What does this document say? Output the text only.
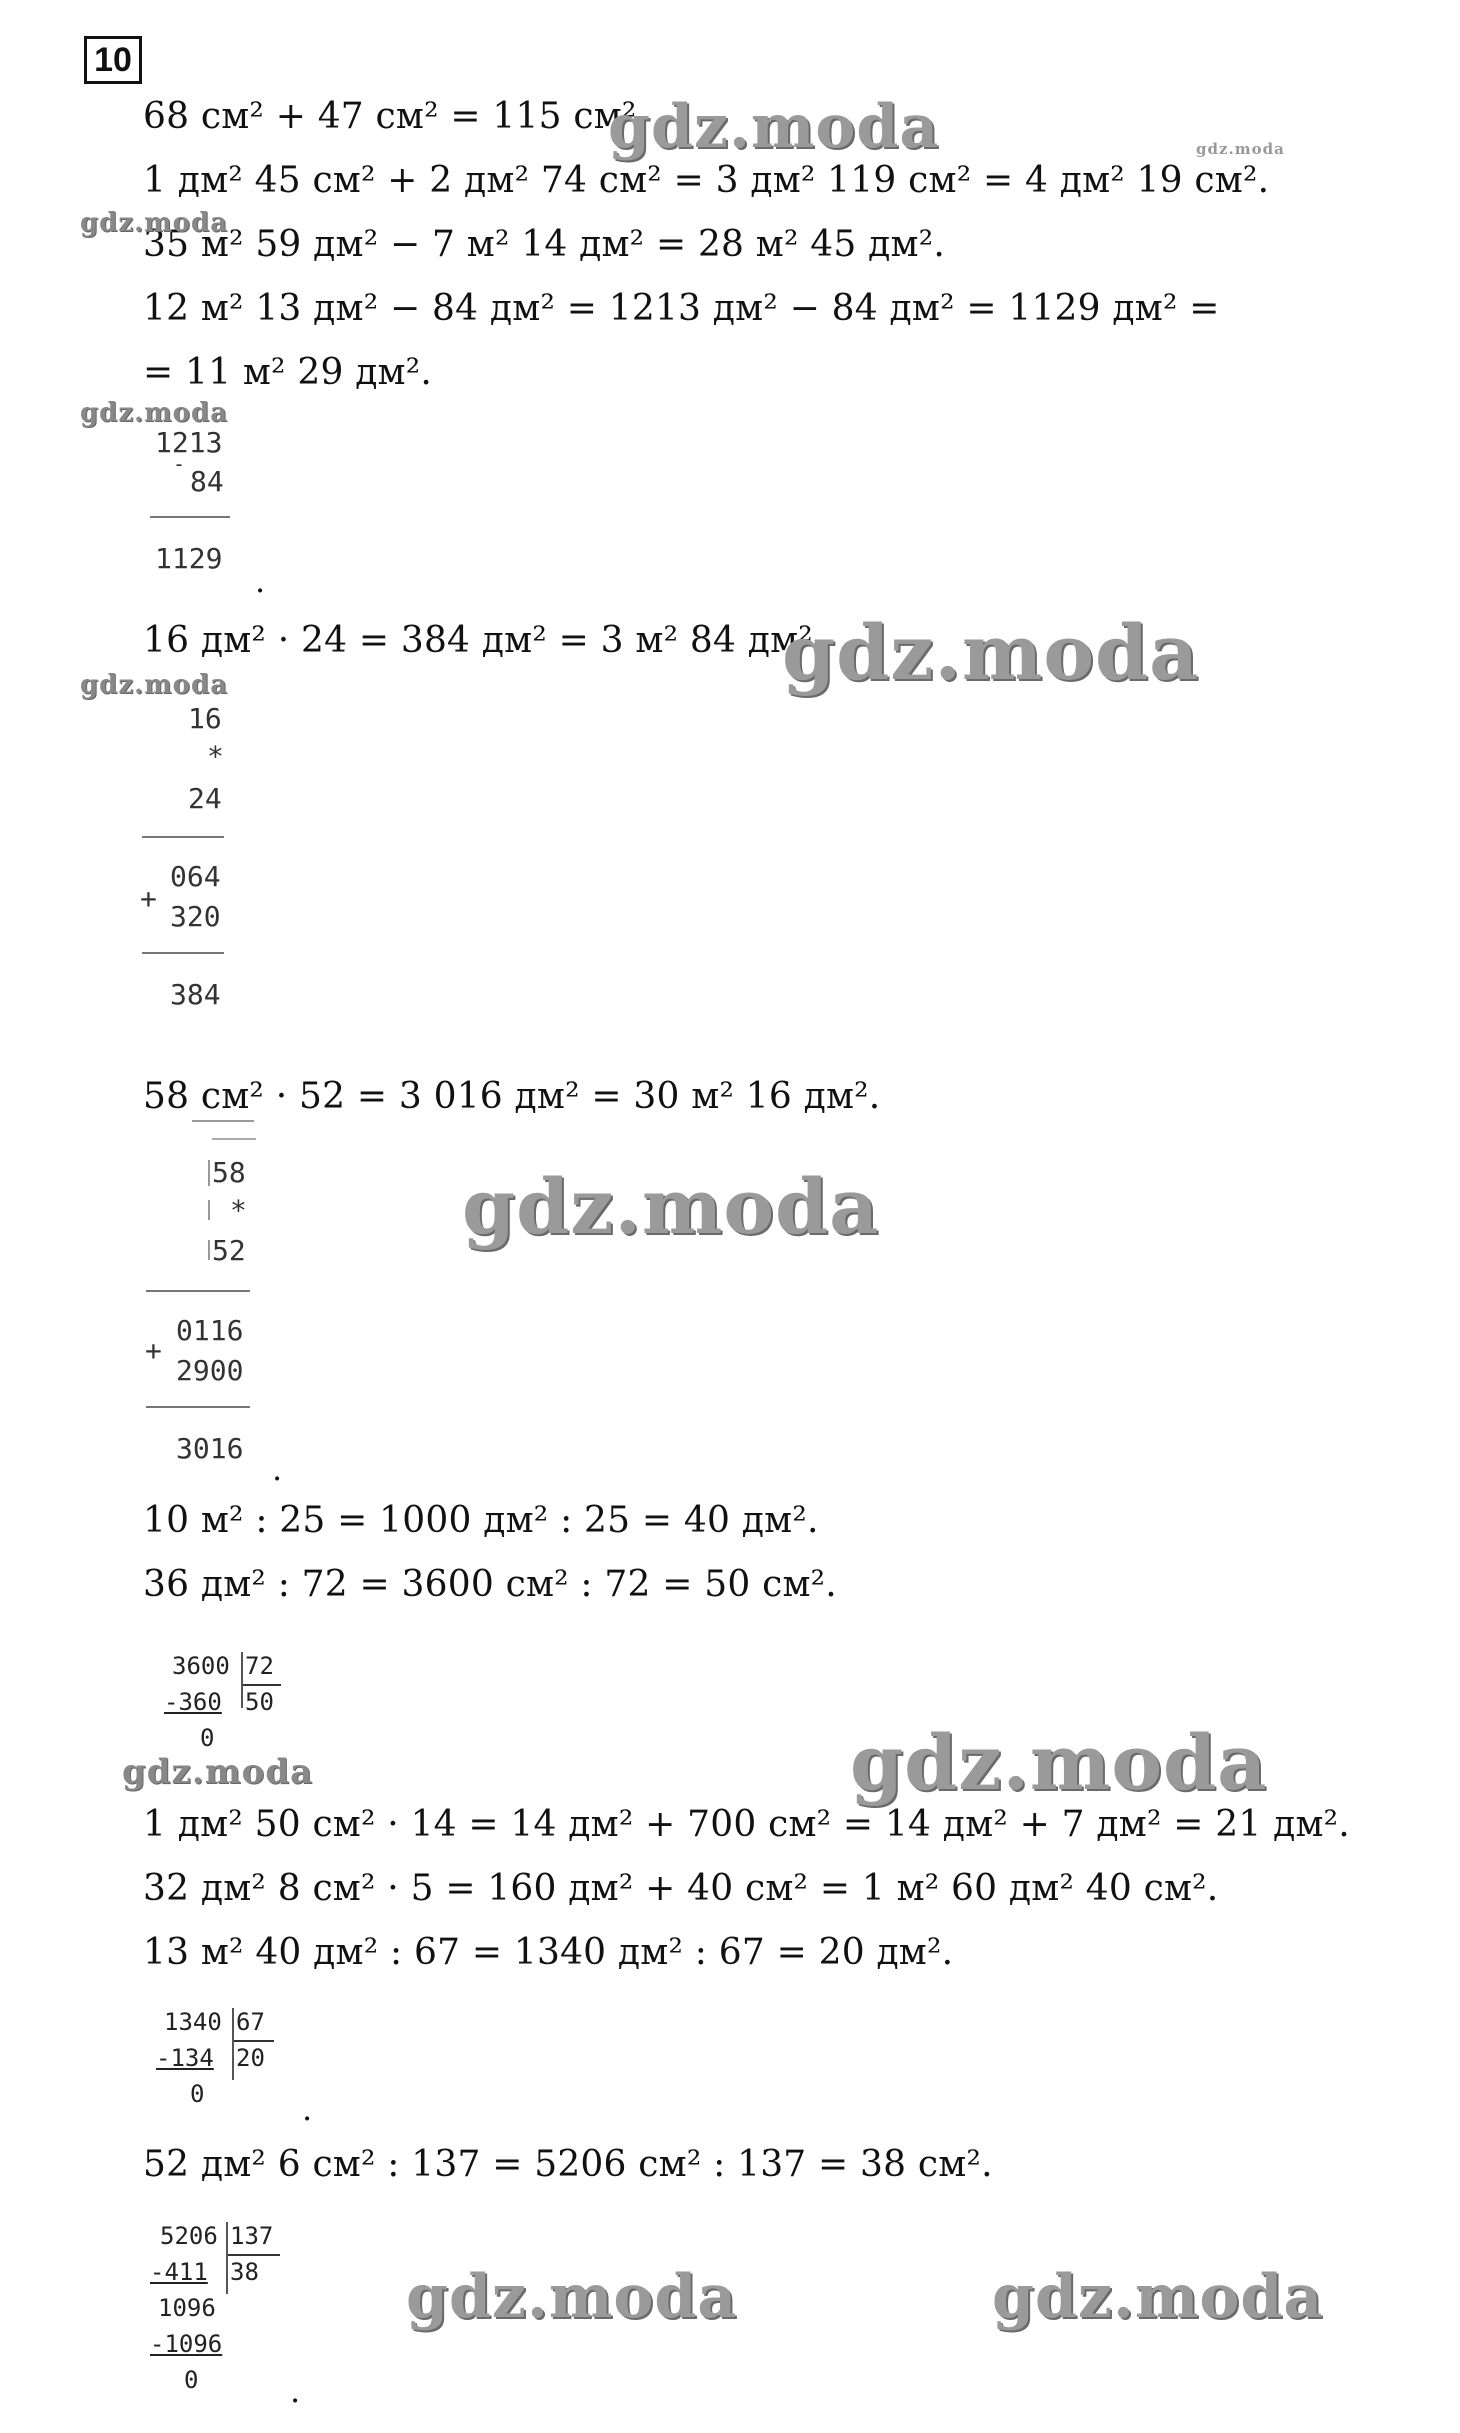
10
68 см² + 47 см² = 115 см².
1 дм² 45 см² + 2 дм² 74 см² = 3 дм² 119 см² = 4 дм² 19 см².
35 м² 59 дм² − 7 м² 14 дм² = 28 м² 45 дм².
12 м² 13 дм² − 84 дм² = 1213 дм² − 84 дм² = 1129 дм² =
= 11 м² 29 дм².
1213
-
84
1129
.
16 дм² · 24 = 384 дм² = 3 м² 84 дм².
16
*
24
064
+
320
384
58 см² · 52 = 3 016 дм² = 30 м² 16 дм².
58
*
52
0116
+
2900
3016
.
10 м² : 25 = 1000 дм² : 25 = 40 дм².
36 дм² : 72 = 3600 см² : 72 = 50 см².
3600 72
-360 50
0
1 дм² 50 см² · 14 = 14 дм² + 700 см² = 14 дм² + 7 дм² = 21 дм².
32 дм² 8 см² · 5 = 160 дм² + 40 см² = 1 м² 60 дм² 40 см².
13 м² 40 дм² : 67 = 1340 дм² : 67 = 20 дм².
1340 67
-134 20
0	.
52 дм² 6 см² : 137 = 5206 см² : 137 = 38 см².
5206 137
-411 38
1096
-1096
0	.
gdz.moda	gdz.moda
gdz.moda
gdz.moda
gdz.moda
gdz.moda
gdz.moda
gdz.moda
gdz.moda
gdz.moda	gdz.moda
